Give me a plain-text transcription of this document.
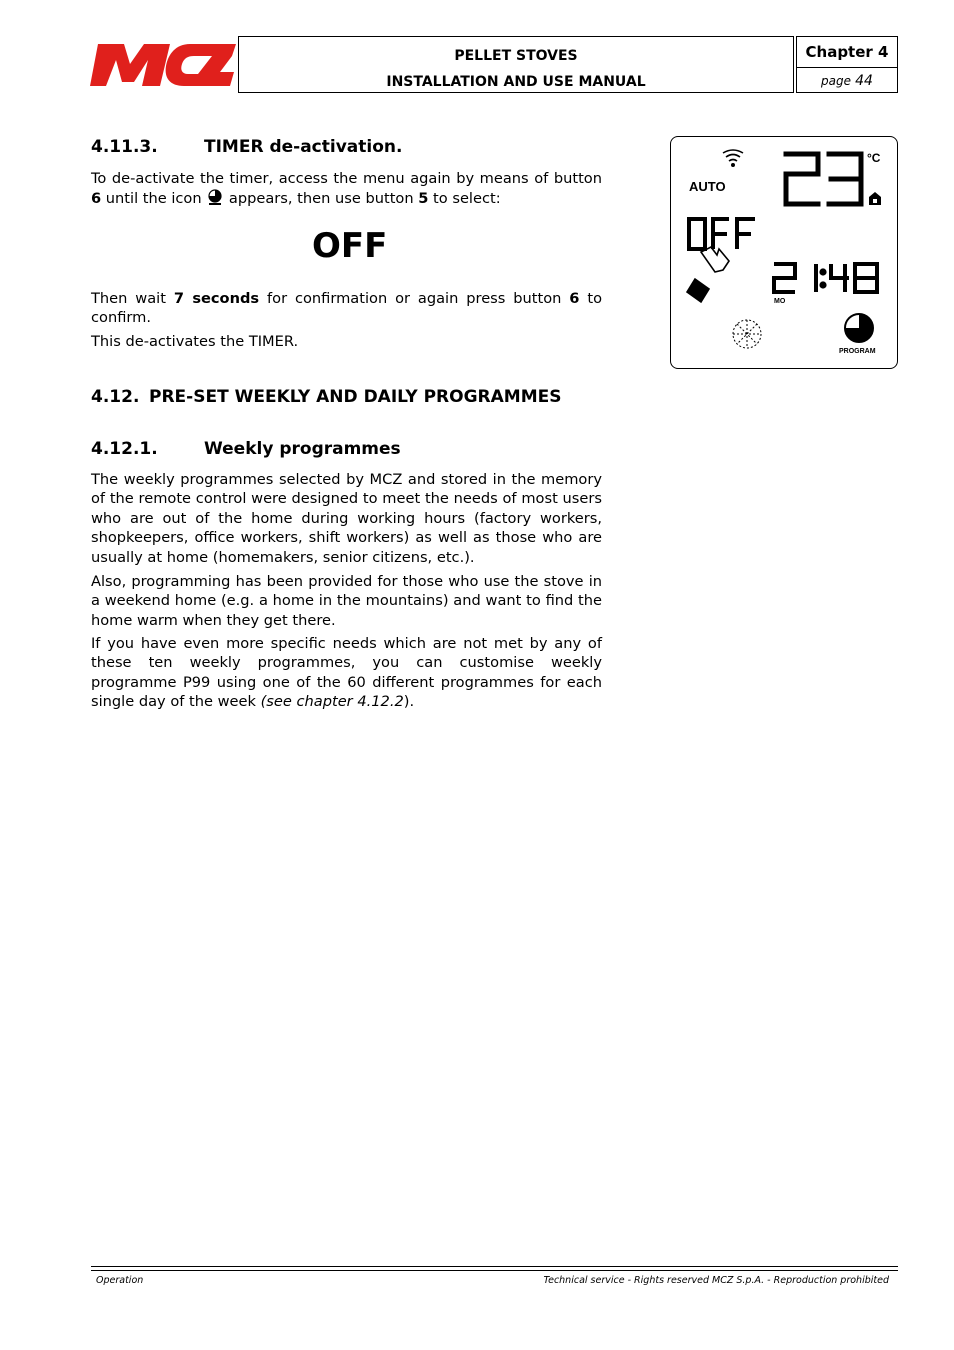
PELLET STOVES
INSTALLATION AND USE MANUAL
Chapter 4
page 44
4.11.3.	TIMER de-activation.

To de-activate the timer, access the menu again by means of button 6 until the icon  appears, then use button 5 to select:

OFF

Then wait 7 seconds for confirmation or again press button 6 to confirm.

This de-activates the TIMER.

4.12. PRE-SET WEEKLY AND DAILY PROGRAMMES
4.12.1.	Weekly programmes

The weekly programmes selected by MCZ and stored in the memory of the remote control were designed to meet the needs of most users who are out of the home during working hours (factory workers, shopkeepers, office workers, shift workers) as well as those who are usually at home (homemakers, senior citizens, etc.).

Also, programming has been provided for those who use the stove in a weekend home (e.g. a home in the mountains) and want to find the home warm when they get there.

If you have even more specific needs which are not met by any of these ten weekly programmes, you can customise weekly programme P99 using one of the 60 different programmes for each single day of the week (see chapter 4.12.2).

AUTO
°C
MO
PROGRAM
Operation	Technical service - Rights reserved MCZ S.p.A. - Reproduction prohibited
